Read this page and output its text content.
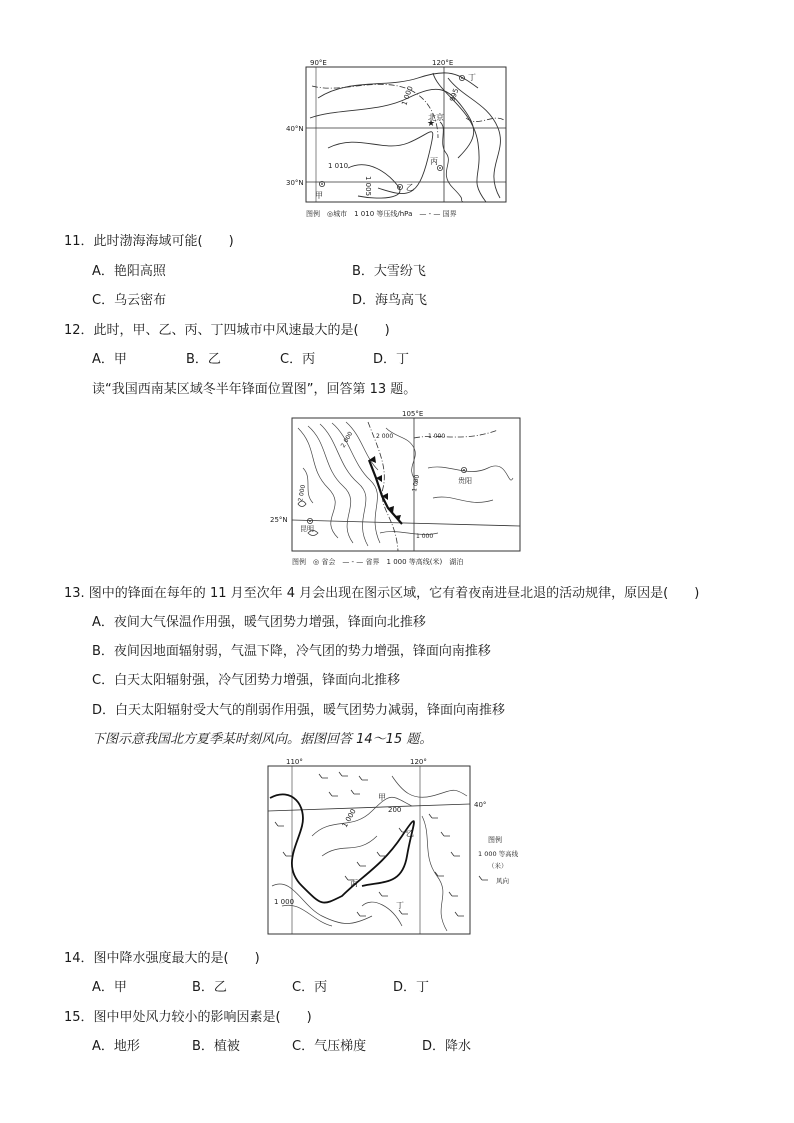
北京
★
90°E	120°E
40°N
30°N
1 010
1 005
1 000	995
甲
乙
丙
丁
图例　◎城市　1 010 等压线/hPa　— - — 国界
11．此时渤海海域可能(　　)
A．艳阳高照	B．大雪纷飞
C．乌云密布	D．海鸟高飞
12．此时，甲、乙、丙、丁四城市中风速最大的是(　　)
A．甲	B．乙	C．丙	D．丁
读“我国西南某区域冬半年锋面位置图”，回答第 13 题。
105°E
25°N
贵阳
昆明
2 000
2 000
2 000
1 000
1 000
1 000
图例　◎ 省会　— - — 省界　1 000 等高线(米)　湖泊
13. 图中的锋面在每年的 11 月至次年 4 月会出现在图示区域，它有着夜南进昼北退的活动规律，原因是(　　)
A．夜间大气保温作用强，暖气团势力增强，锋面向北推移
B．夜间因地面辐射弱，气温下降，冷气团的势力增强，锋面向南推移
C．白天太阳辐射强，冷气团势力增强，锋面向北推移
D．白天太阳辐射受大气的削弱作用强，暖气团势力减弱，锋面向南推移
下图示意我国北方夏季某时刻风向。据图回答 14～15 题。
110°	120°
40°
200
1 000
1 000
甲
乙
丙
丁
图例
1 000 等高线
（米）
风向
14．图中降水强度最大的是(　　)
A．甲	B．乙	C．丙	D．丁
15．图中甲处风力较小的影响因素是(　　)
A．地形	B．植被	C．气压梯度	D．降水
